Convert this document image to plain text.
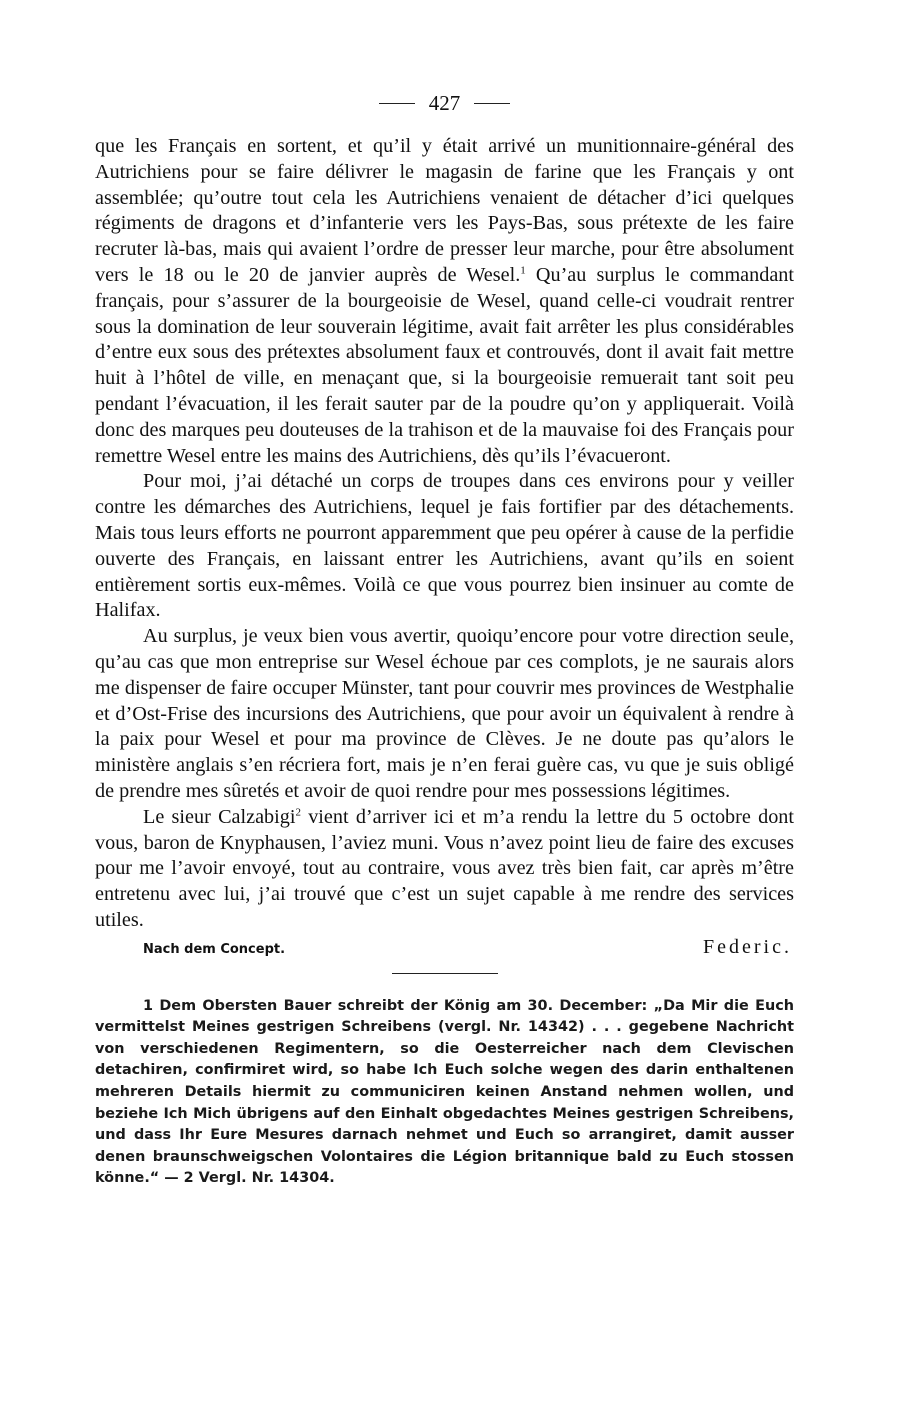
427

que les Français en sortent, et qu’il y était arrivé un munitionnaire-général des Autrichiens pour se faire délivrer le magasin de farine que les Français y ont assemblée; qu’outre tout cela les Autrichiens venaient de détacher d’ici quelques régiments de dragons et d’infanterie vers les Pays-Bas, sous prétexte de les faire recruter là-bas, mais qui avaient l’ordre de presser leur marche, pour être absolument vers le 18 ou le 20 de janvier auprès de Wesel.$^1$ Qu’au surplus le commandant français, pour s’assurer de la bourgeoisie de Wesel, quand celle-ci voudrait rentrer sous la domination de leur souverain légitime, avait fait arrêter les plus considérables d’entre eux sous des prétextes absolument faux et controuvés, dont il avait fait mettre huit à l’hôtel de ville, en menaçant que, si la bourgeoisie remuerait tant soit peu pendant l’évacuation, il les ferait sauter par de la poudre qu’on y appliquerait. Voilà donc des marques peu douteuses de la trahison et de la mauvaise foi des Français pour remettre Wesel entre les mains des Autrichiens, dès qu’ils l’évacueront.

Pour moi, j’ai détaché un corps de troupes dans ces environs pour y veiller contre les démarches des Autrichiens, lequel je fais fortifier par des détachements. Mais tous leurs efforts ne pourront apparemment que peu opérer à cause de la perfidie ouverte des Français, en laissant entrer les Autrichiens, avant qu’ils en soient entièrement sortis eux-mêmes. Voilà ce que vous pourrez bien insinuer au comte de Halifax.

Au surplus, je veux bien vous avertir, quoiqu’encore pour votre direction seule, qu’au cas que mon entreprise sur Wesel échoue par ces complots, je ne saurais alors me dispenser de faire occuper Münster, tant pour couvrir mes provinces de Westphalie et d’Ost-Frise des incursions des Autrichiens, que pour avoir un équivalent à rendre à la paix pour Wesel et pour ma province de Clèves. Je ne doute pas qu’alors le ministère anglais s’en récriera fort, mais je n’en ferai guère cas, vu que je suis obligé de prendre mes sûretés et avoir de quoi rendre pour mes possessions légitimes.

Le sieur Calzabigi$^2$ vient d’arriver ici et m’a rendu la lettre du 5 octobre dont vous, baron de Knyphausen, l’aviez muni. Vous n’avez point lieu de faire des excuses pour me l’avoir envoyé, tout au contraire, vous avez très bien fait, car après m’être entretenu avec lui, j’ai trouvé que c’est un sujet capable à me rendre des services utiles.

Nach dem Concept.	Federic.

1 Dem Obersten Bauer schreibt der König am 30. December: „Da Mir die Euch vermittelst Meines gestrigen Schreibens (vergl. Nr. 14342) . . . gegebene Nachricht von verschiedenen Regimentern, so die Oesterreicher nach dem Clevischen detachiren, confirmiret wird, so habe Ich Euch solche wegen des darin enthaltenen mehreren Details hiermit zu communiciren keinen Anstand nehmen wollen, und beziehe Ich Mich übrigens auf den Einhalt obgedachtes Meines gestrigen Schreibens, und dass Ihr Eure Mesures darnach nehmet und Euch so arrangiret, damit ausser denen braunschweigschen Volontaires die Légion britannique bald zu Euch stossen könne.“ — 2 Vergl. Nr. 14304.
